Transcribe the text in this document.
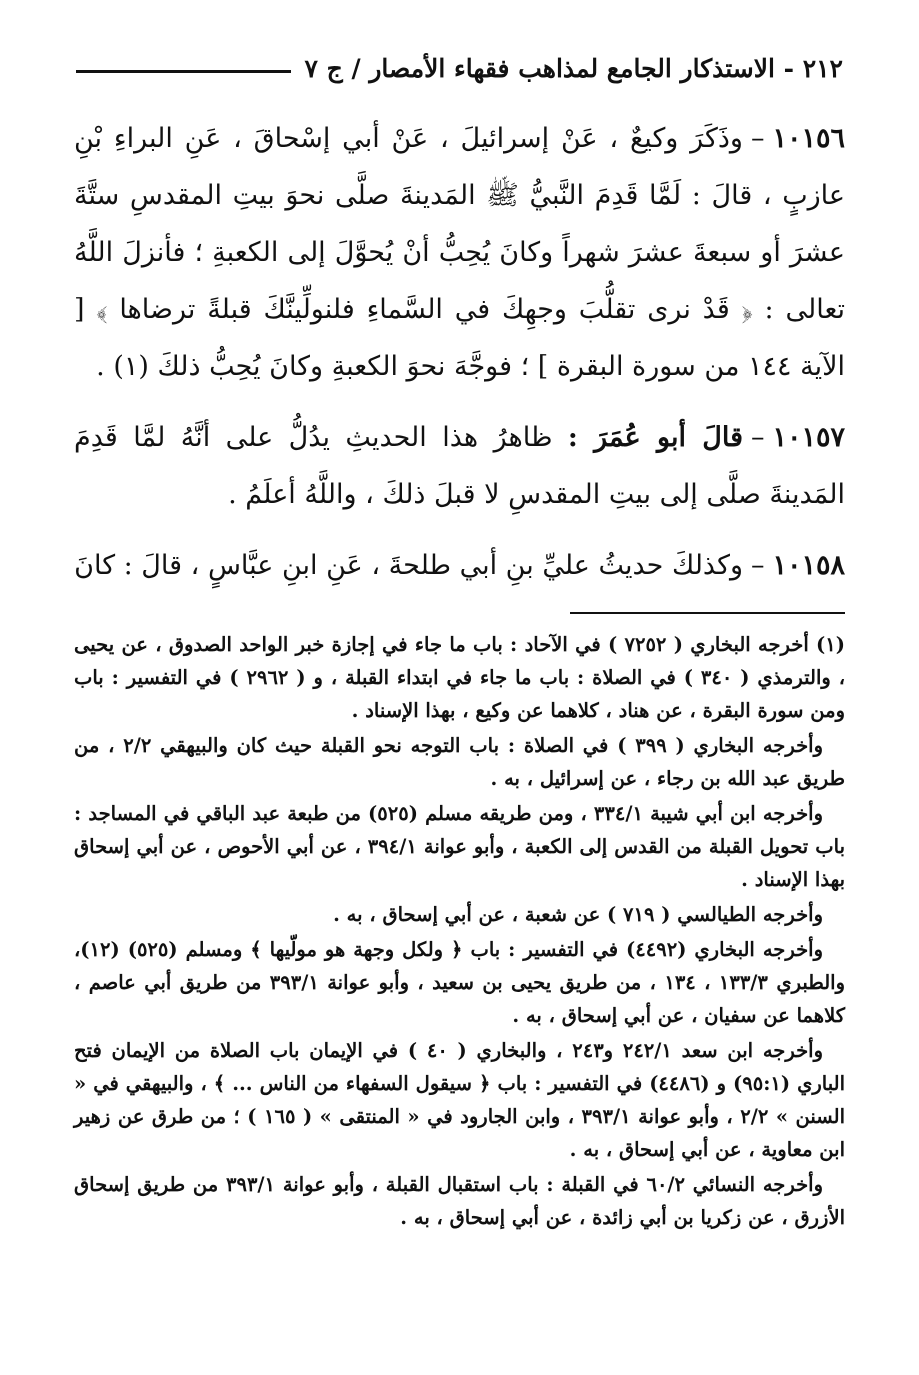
٢١٢ - الاستذكار الجامع لمذاهب فقهاء الأمصار / ج ٧

١٠١٥٦–وذَكَرَ وكيعٌ ، عَنْ إسرائيلَ ، عَنْ أبي إسْحاقَ ، عَنِ البراءِ بْنِ عازبٍ ، قالَ : لَمَّا قَدِمَ النَّبيُّ ﷺ المَدينةَ صلَّى نحوَ بيتِ المقدسِ ستَّةَ عشرَ أو سبعةَ عشرَ شهراً وكانَ يُحِبُّ أنْ يُحوَّلَ إلى الكعبةِ ؛ فأنزلَ اللَّهُ تعالى : ﴿ قَدْ نرى تقلُّبَ وجهِكَ في السَّماءِ فلنولِّينَّكَ قبلةً ترضاها ﴾ [ الآية ١٤٤ من سورة البقرة ] ؛ فوجَّهَ نحوَ الكعبةِ وكانَ يُحِبُّ ذلكَ (١) .

١٠١٥٧–قالَ أبو عُمَرَ : ظاهرُ هذا الحديثِ يدُلُّ على أنَّهُ لمَّا قَدِمَ المَدينةَ صلَّى إلى بيتِ المقدسِ لا قبلَ ذلكَ ، واللَّهُ أعلَمُ .

١٠١٥٨–وكذلكَ حديثُ عليِّ بنِ أبي طلحةَ ، عَنِ ابنِ عبَّاسٍ ، قالَ : كانَ

(١) أخرجه البخاري ( ٧٢٥٢ ) في الآحاد : باب ما جاء في إجازة خبر الواحد الصدوق ، عن يحيى ، والترمذي ( ٣٤٠ ) في الصلاة : باب ما جاء في ابتداء القبلة ، و ( ٢٩٦٢ ) في التفسير : باب ومن سورة البقرة ، عن هناد ، كلاهما عن وكيع ، بهذا الإسناد .

وأخرجه البخاري ( ٣٩٩ ) في الصلاة : باب التوجه نحو القبلة حيث كان والبيهقي ٢/٢ ، من طريق عبد الله بن رجاء ، عن إسرائيل ، به .

وأخرجه ابن أبي شيبة ٣٣٤/١ ، ومن طريقه مسلم (٥٢٥) من طبعة عبد الباقي في المساجد : باب تحويل القبلة من القدس إلى الكعبة ، وأبو عوانة ٣٩٤/١ ، عن أبي الأحوص ، عن أبي إسحاق بهذا الإسناد .

وأخرجه الطيالسي ( ٧١٩ ) عن شعبة ، عن أبي إسحاق ، به .

وأخرجه البخاري (٤٤٩٢) في التفسير : باب ﴿ ولكل وجهة هو مولّيها ﴾ ومسلم (٥٢٥) (١٢)، والطبري ١٣٣/٣ ، ١٣٤ ، من طريق يحيى بن سعيد ، وأبو عوانة ٣٩٣/١ من طريق أبي عاصم ، كلاهما عن سفيان ، عن أبي إسحاق ، به .

وأخرجه ابن سعد ٢٤٢/١ و٢٤٣ ، والبخاري ( ٤٠ ) في الإيمان باب الصلاة من الإيمان فتح الباري (٩٥:١) و (٤٤٨٦) في التفسير : باب ﴿ سيقول السفهاء من الناس ... ﴾ ، والبيهقي في « السنن » ٢/٢ ، وأبو عوانة ٣٩٣/١ ، وابن الجارود في « المنتقى » ( ١٦٥ ) ؛ من طرق عن زهير ابن معاوية ، عن أبي إسحاق ، به .

وأخرجه النسائي ٦٠/٢ في القبلة : باب استقبال القبلة ، وأبو عوانة ٣٩٣/١ من طريق إسحاق الأزرق ، عن زكريا بن أبي زائدة ، عن أبي إسحاق ، به .
